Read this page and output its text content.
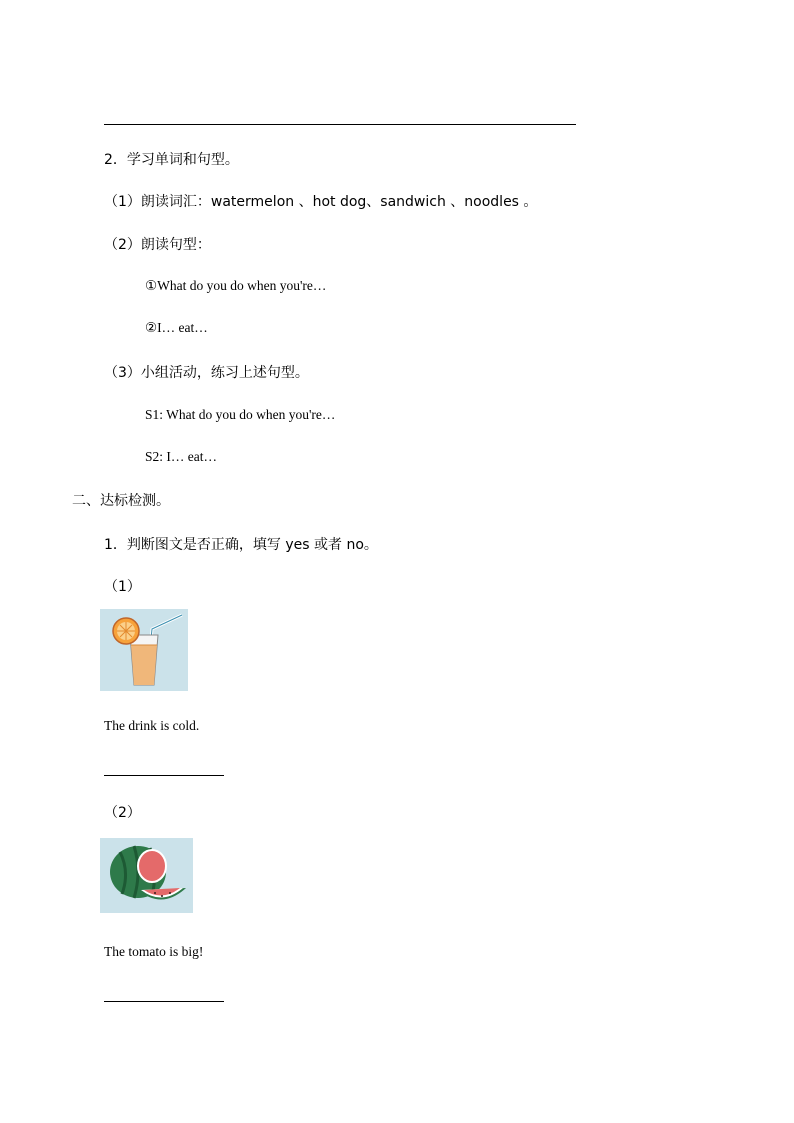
2．学习单词和句型。
（1）朗读词汇：watermelon 、hot dog、sandwich 、noodles 。
（2）朗读句型：
①What do you do when you're…
②I… eat…
（3）小组活动，练习上述句型。
S1: What do you do when you're…
S2: I… eat…
二、达标检测。
1．判断图文是否正确，填写 yes 或者 no。
（1）
The drink is cold.
（2）
The tomato is big!
